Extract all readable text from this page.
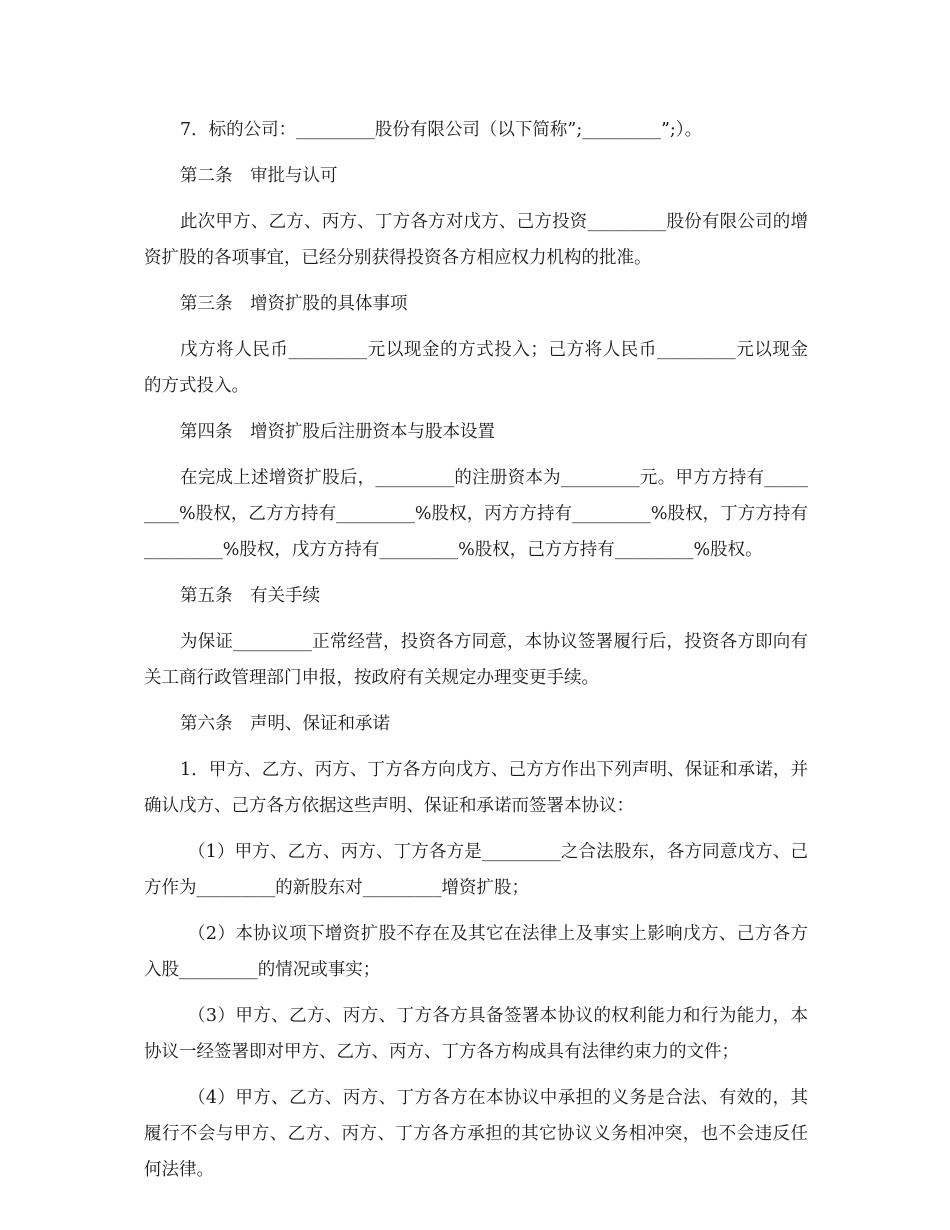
7．标的公司：_________股份有限公司（以下简称”;_________”;）。

第二条　审批与认可

此次甲方、乙方、丙方、丁方各方对戊方、己方投资_________股份有限公司的增资扩股的各项事宜，已经分别获得投资各方相应权力机构的批准。

第三条　增资扩股的具体事项

戊方将人民币_________元以现金的方式投入；己方将人民币_________元以现金的方式投入。

第四条　增资扩股后注册资本与股本设置

在完成上述增资扩股后，_________的注册资本为_________元。甲方方持有_________%股权，乙方方持有_________%股权，丙方方持有_________%股权，丁方方持有_________%股权，戊方方持有_________%股权，己方方持有_________%股权。

第五条　有关手续

为保证_________正常经营，投资各方同意，本协议签署履行后，投资各方即向有关工商行政管理部门申报，按政府有关规定办理变更手续。

第六条　声明、保证和承诺

1．甲方、乙方、丙方、丁方各方向戊方、己方方作出下列声明、保证和承诺，并确认戊方、己方各方依据这些声明、保证和承诺而签署本协议：

（1）甲方、乙方、丙方、丁方各方是_________之合法股东，各方同意戊方、己方作为_________的新股东对_________增资扩股；

（2）本协议项下增资扩股不存在及其它在法律上及事实上影响戊方、己方各方入股_________的情况或事实；

（3）甲方、乙方、丙方、丁方各方具备签署本协议的权利能力和行为能力，本协议一经签署即对甲方、乙方、丙方、丁方各方构成具有法律约束力的文件；

（4）甲方、乙方、丙方、丁方各方在本协议中承担的义务是合法、有效的，其履行不会与甲方、乙方、丙方、丁方各方承担的其它协议义务相冲突，也不会违反任何法律。
